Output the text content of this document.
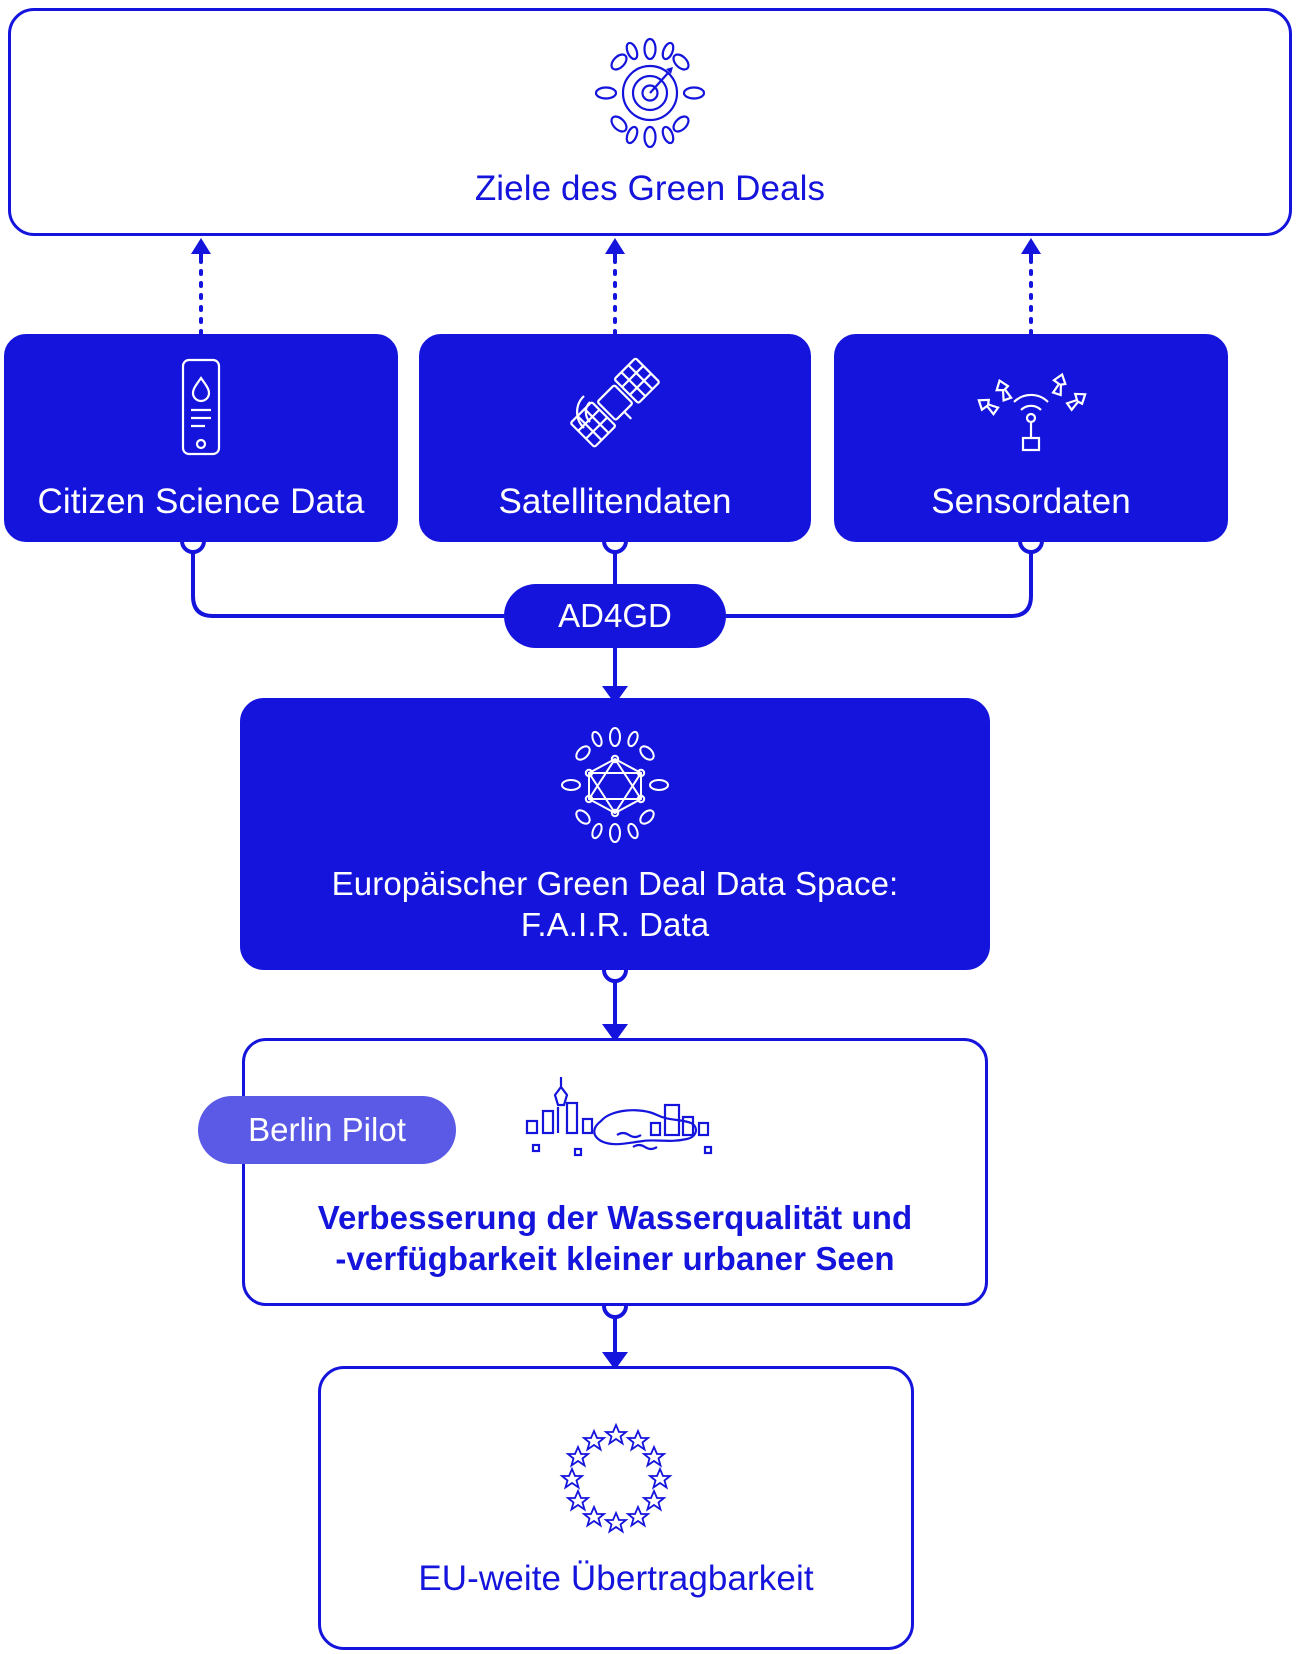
Ziele des Green Deals
Citizen Science Data	Satellitendaten	Sensordaten
AD4GD
Europäischer Green Deal Data Space:
F.A.I.R. Data
Verbesserung der Wasserqualität und
-verfügbarkeit kleiner urbaner Seen
Berlin Pilot
EU-weite Übertragbarkeit
